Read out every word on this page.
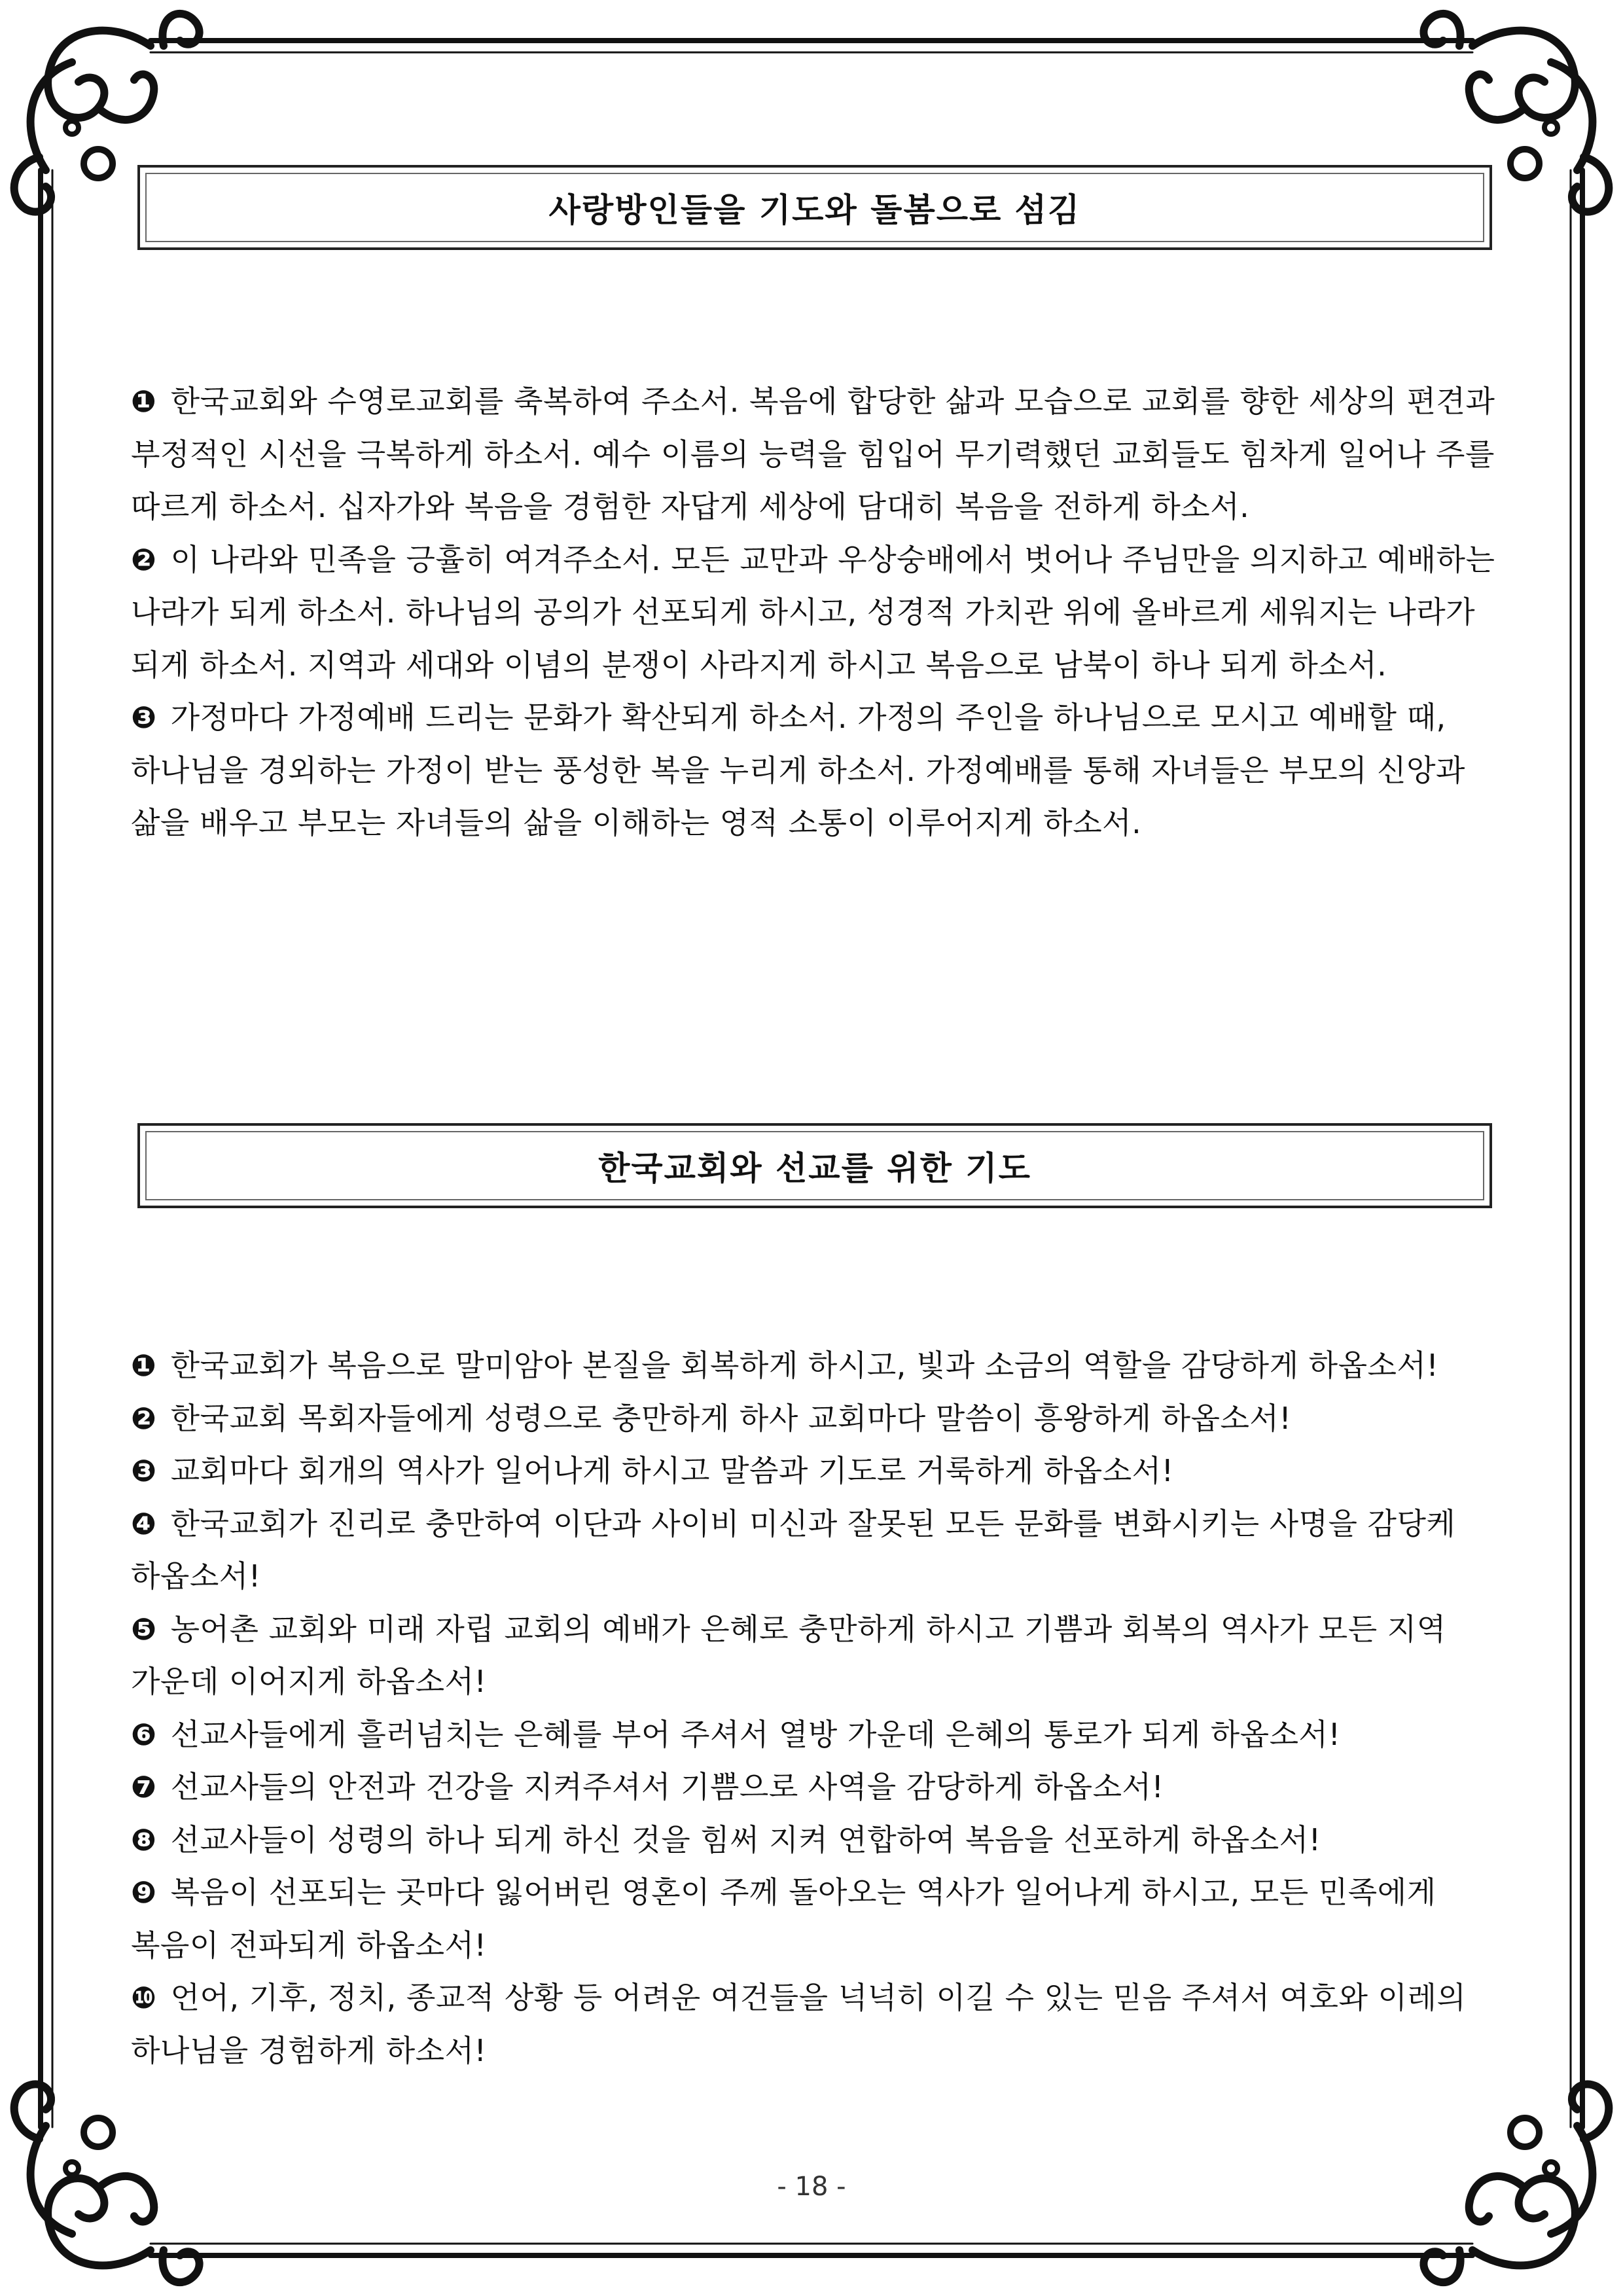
사랑방인들을 기도와 돌봄으로 섬김

❶ 한국교회와 수영로교회를 축복하여 주소서. 복음에 합당한 삶과 모습으로 교회를 향한 세상의 편견과 부정적인 시선을 극복하게 하소서. 예수 이름의 능력을 힘입어 무기력했던 교회들도 힘차게 일어나 주를 따르게 하소서. 십자가와 복음을 경험한 자답게 세상에 담대히 복음을 전하게 하소서.

❷ 이 나라와 민족을 긍휼히 여겨주소서. 모든 교만과 우상숭배에서 벗어나 주님만을 의지하고 예배하는 나라가 되게 하소서. 하나님의 공의가 선포되게 하시고, 성경적 가치관 위에 올바르게 세워지는 나라가 되게 하소서. 지역과 세대와 이념의 분쟁이 사라지게 하시고 복음으로 남북이 하나 되게 하소서.

❸ 가정마다 가정예배 드리는 문화가 확산되게 하소서. 가정의 주인을 하나님으로 모시고 예배할 때, 하나님을 경외하는 가정이 받는 풍성한 복을 누리게 하소서. 가정예배를 통해 자녀들은 부모의 신앙과 삶을 배우고 부모는 자녀들의 삶을 이해하는 영적 소통이 이루어지게 하소서.

한국교회와 선교를 위한 기도

❶ 한국교회가 복음으로 말미암아 본질을 회복하게 하시고, 빛과 소금의 역할을 감당하게 하옵소서!

❷ 한국교회 목회자들에게 성령으로 충만하게 하사 교회마다 말씀이 흥왕하게 하옵소서!

❸ 교회마다 회개의 역사가 일어나게 하시고 말씀과 기도로 거룩하게 하옵소서!

❹ 한국교회가 진리로 충만하여 이단과 사이비 미신과 잘못된 모든 문화를 변화시키는 사명을 감당케 하옵소서!

❺ 농어촌 교회와 미래 자립 교회의 예배가 은혜로 충만하게 하시고 기쁨과 회복의 역사가 모든 지역 가운데 이어지게 하옵소서!

❻ 선교사들에게 흘러넘치는 은혜를 부어 주셔서 열방 가운데 은혜의 통로가 되게 하옵소서!

❼ 선교사들의 안전과 건강을 지켜주셔서 기쁨으로 사역을 감당하게 하옵소서!

❽ 선교사들이 성령의 하나 되게 하신 것을 힘써 지켜 연합하여 복음을 선포하게 하옵소서!

❾ 복음이 선포되는 곳마다 잃어버린 영혼이 주께 돌아오는 역사가 일어나게 하시고, 모든 민족에게 복음이 전파되게 하옵소서!

❿ 언어, 기후, 정치, 종교적 상황 등 어려운 여건들을 넉넉히 이길 수 있는 믿음 주셔서 여호와 이레의 하나님을 경험하게 하소서!

- 18 -
